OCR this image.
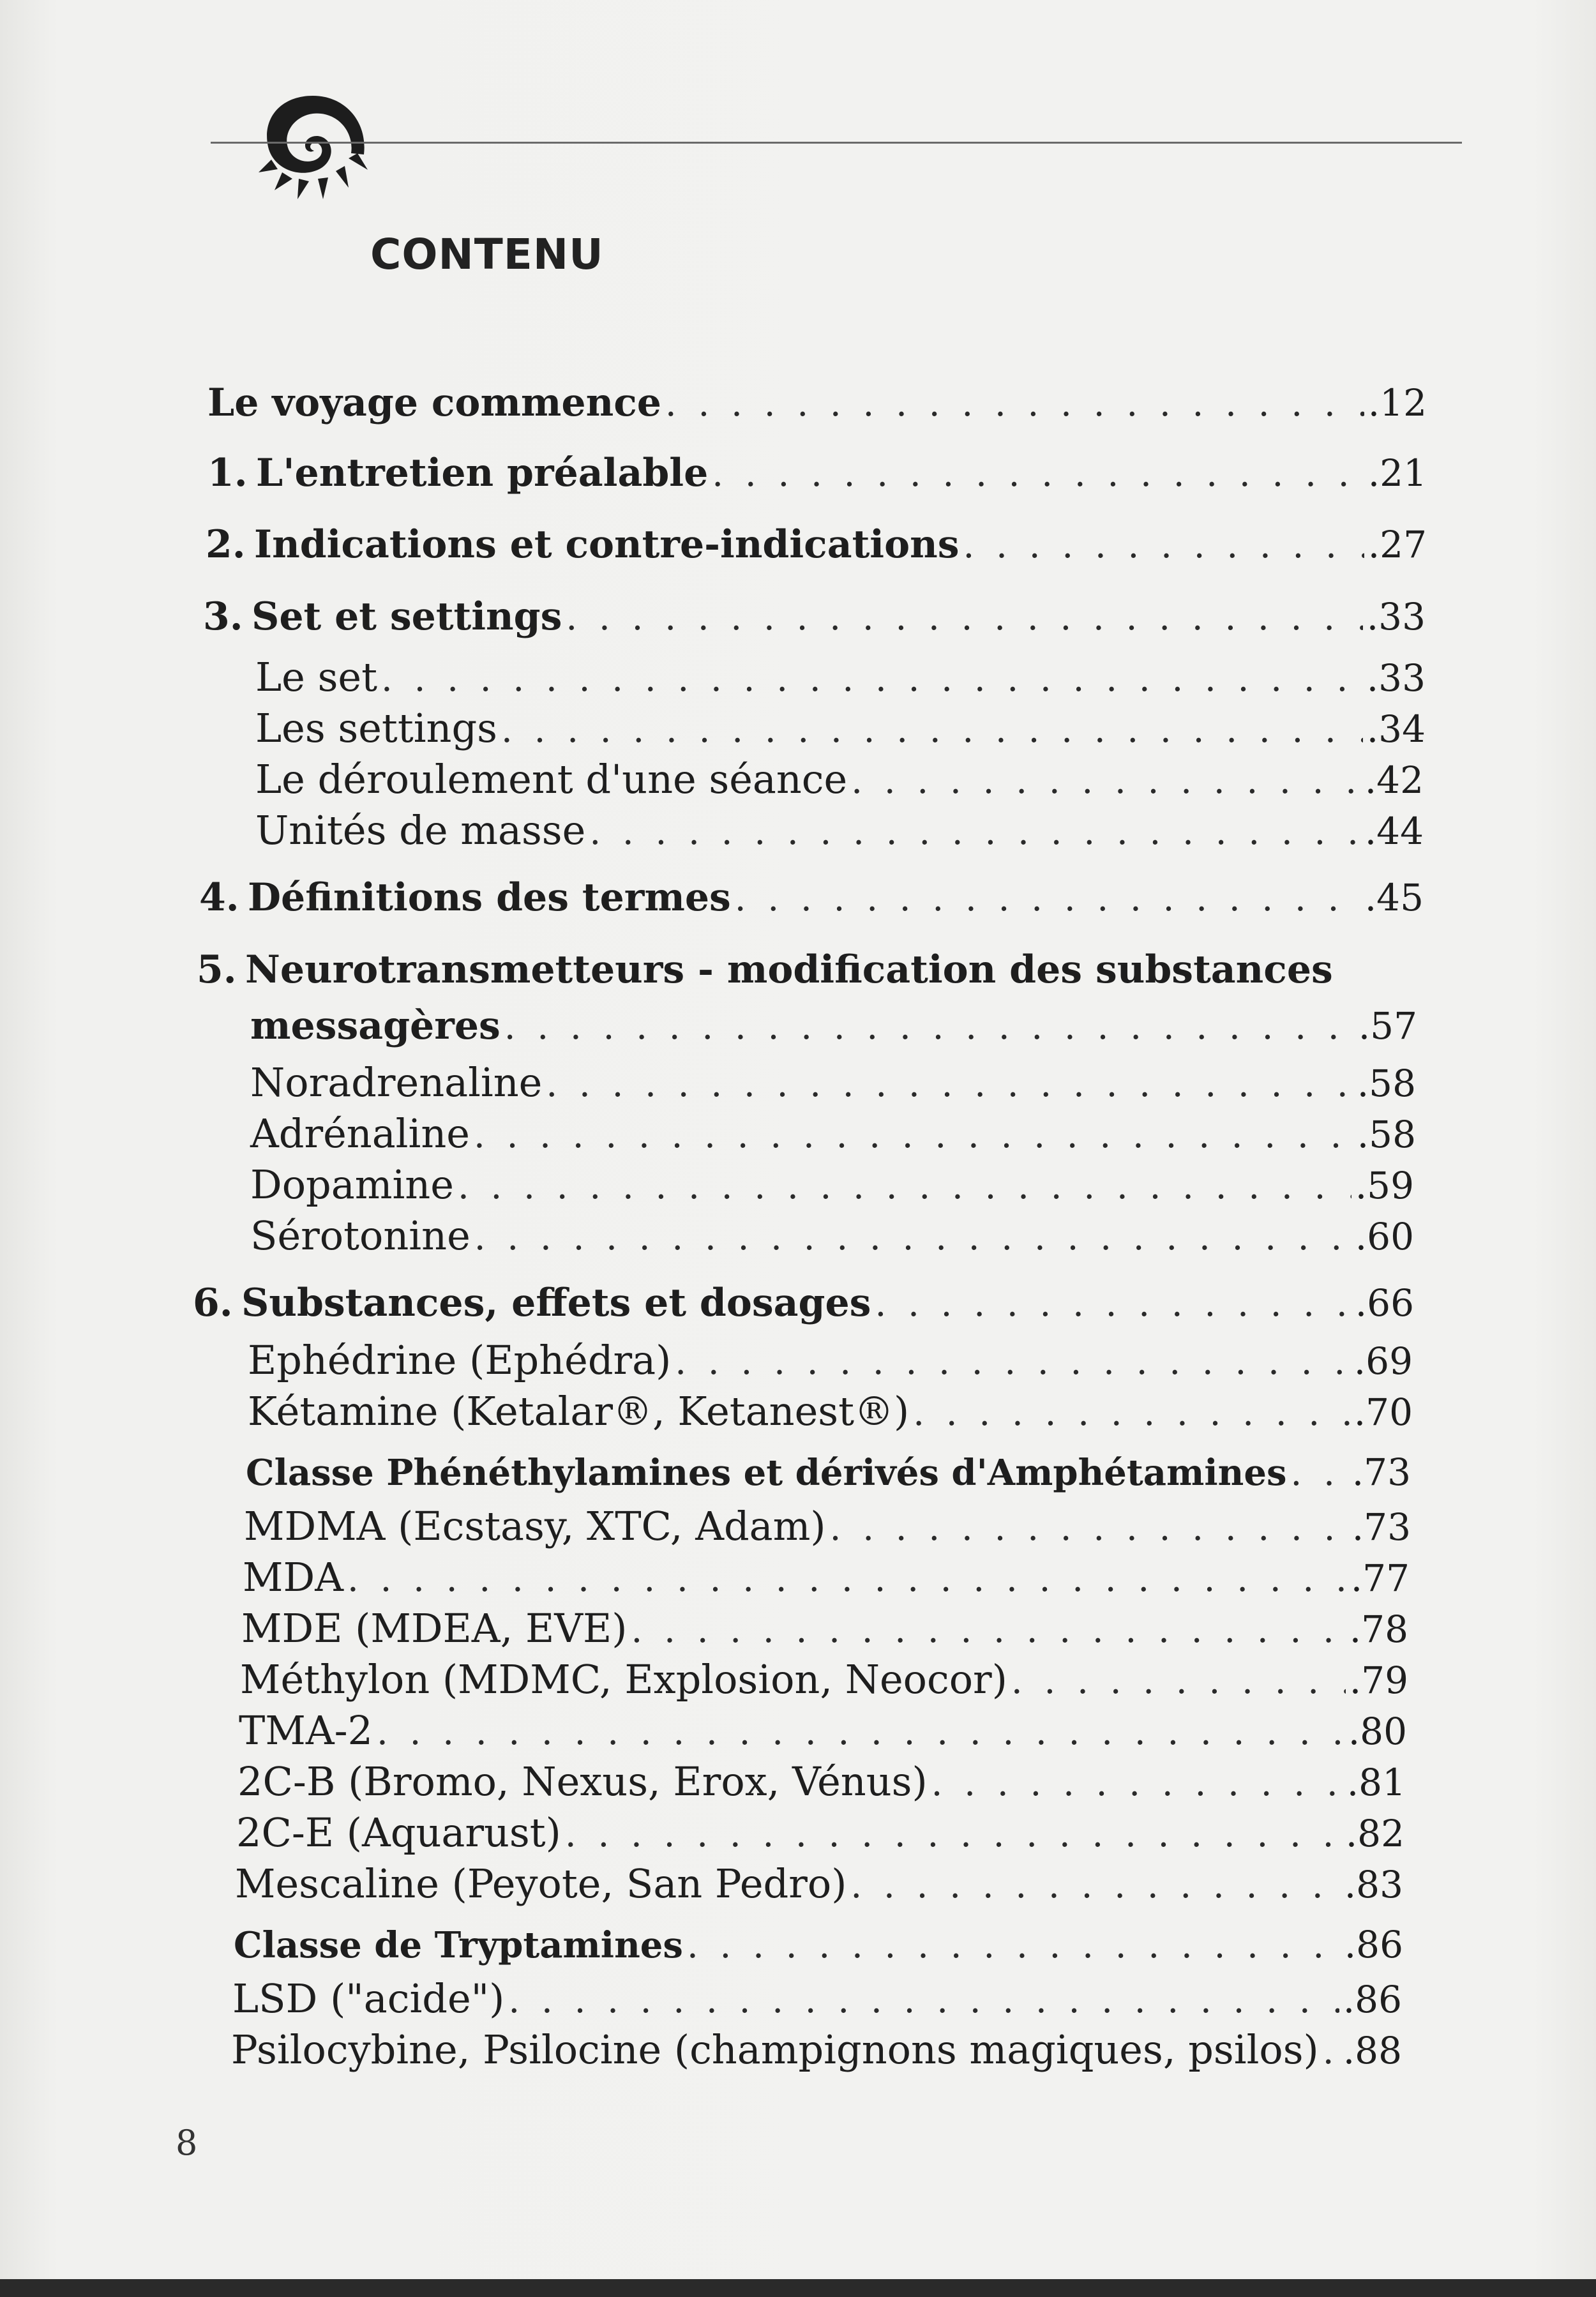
CONTENU
Le voyage commence . . .	.12
1. L'entretien préalable . . .	.21
2. Indications et contre-indications . . .	.27
3. Set et settings . . .	.33
Le set . . .	.33
Les settings . . .	.34
Le déroulement d'une séance . . .	.42
Unités de masse . . .	.44
4. Définitions des termes . . .	.45
5. Neurotransmetteurs - modification des substances
messagères . . .	.57
Noradrenaline . . .	.58
Adrénaline . . .	.58
Dopamine . . .	.59
Sérotonine . . .	.60
6. Substances, effets et dosages . . .	.66
Ephédrine (Ephédra) . . .	.69
Kétamine (Ketalar®, Ketanest®) . . .	.70
Classe Phénéthylamines et dérivés d'Amphétamines . . . .73
MDMA (Ecstasy, XTC, Adam) . . .	.73
MDA . . .	.77
MDE (MDEA, EVE) . . .	.78
Méthylon (MDMC, Explosion, Neocor) . . .	.79
TMA-2 . . .	.80
2C-B (Bromo, Nexus, Erox, Vénus) . . .	.81
2C-E (Aquarust) . . .	.82
Mescaline (Peyote, San Pedro) . . .	.83
Classe de Tryptamines . . .	.86
LSD ("acide") . . .	.86
Psilocybine, Psilocine (champignons magiques, psilos) . . . .88
8
